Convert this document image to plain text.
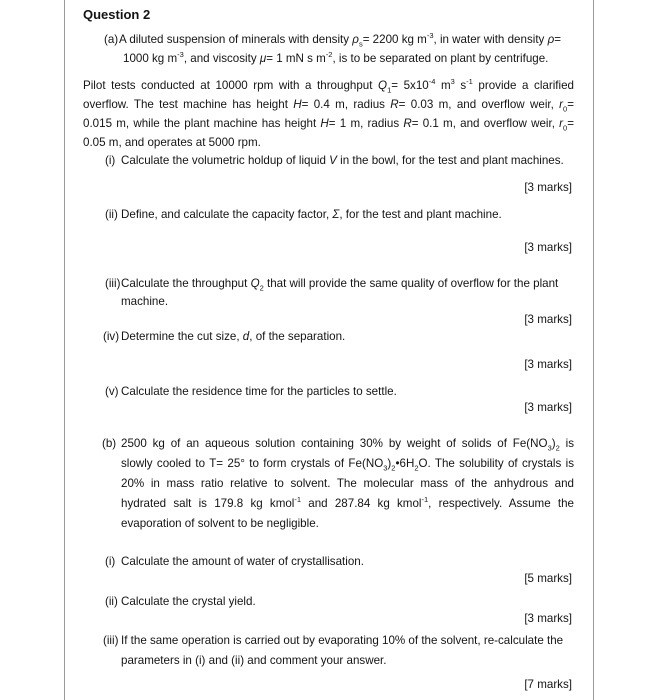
Question 2
(a) A diluted suspension of minerals with density $\rho_s= 2200$ kg $m^{-3}$, in water with density ρ=
1000 kg $m^{-3}$, and viscosity μ= 1 mN s $m^{-2}$, is to be separated on plant by centrifuge.
Pilot tests conducted at 10000 rpm with a throughput $Q_1= 5x10^{-4}$ $m^3$ $s^{-1}$ provide a clarified
overflow. The test machine has height H= 0.4 m, radius R= 0.03 m, and overflow weir, $r_0=$
0.015 m, while the plant machine has height H= 1 m, radius R= 0.1 m, and overflow weir, $r_0=$
0.05 m, and operates at 5000 rpm.
(i) Calculate the volumetric holdup of liquid V in the bowl, for the test and plant machines.
[3 marks]
(ii) Define, and calculate the capacity factor, Σ, for the test and plant machine.
[3 marks]
(iii) Calculate the throughput $Q_2$ that will provide the same quality of overflow for the plant
machine.
[3 marks]
(iv) Determine the cut size, d, of the separation.
[3 marks]
(v) Calculate the residence time for the particles to settle.
[3 marks]
(b) 2500 kg of an aqueous solution containing 30% by weight of solids of $Fe(NO_3)_2$ is
slowly cooled to T= 25° to form crystals of $Fe(NO_3)_2•6H_2O$. The solubility of crystals is
20% in mass ratio relative to solvent. The molecular mass of the anhydrous and
hydrated salt is 179.8 kg kmol$^{-1}$ and 287.84 kg kmol$^{-1}$, respectively. Assume the
evaporation of solvent to be negligible.
(i) Calculate the amount of water of crystallisation.
[5 marks]
(ii) Calculate the crystal yield.
[3 marks]
(iii) If the same operation is carried out by evaporating 10% of the solvent, re-calculate the
parameters in (i) and (ii) and comment your answer.
[7 marks]
